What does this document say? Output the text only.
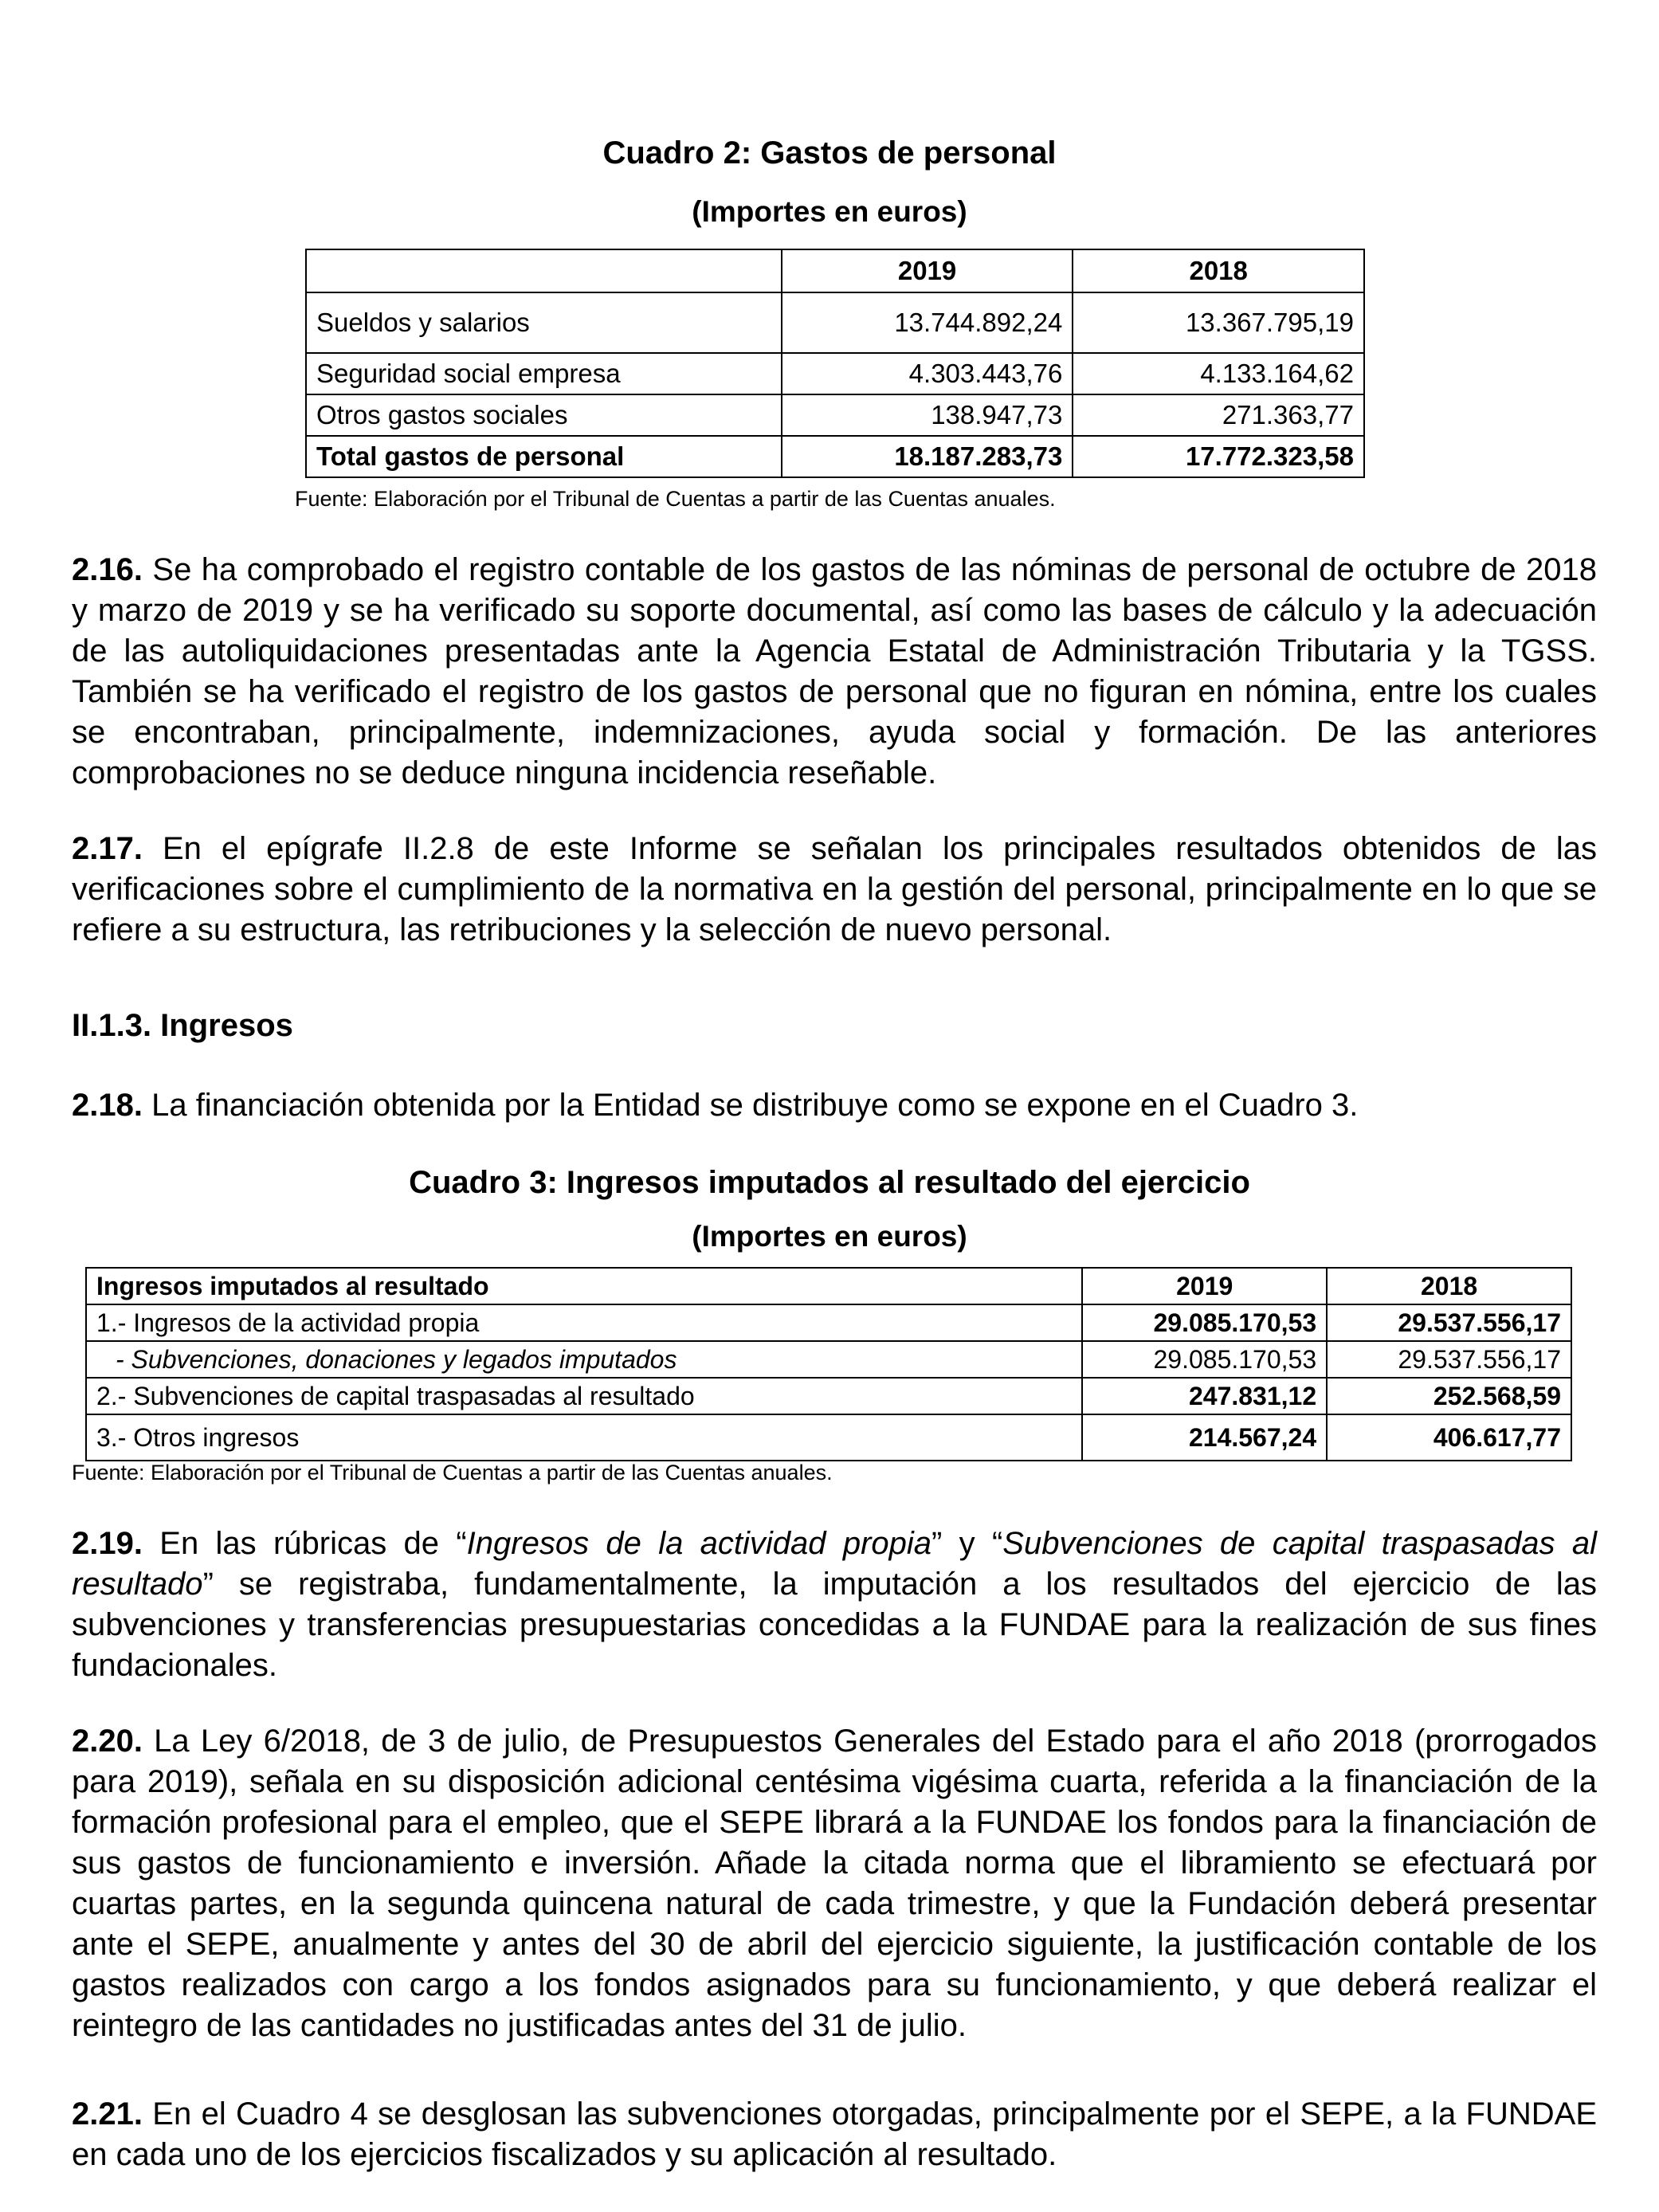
Cuadro 2: Gastos de personal
(Importes en euros)
	2019	2018
Sueldos y salarios	13.744.892,24	13.367.795,19
Seguridad social empresa	4.303.443,76	4.133.164,62
Otros gastos sociales	138.947,73	271.363,77
Total gastos de personal	18.187.283,73	17.772.323,58
Fuente: Elaboración por el Tribunal de Cuentas a partir de las Cuentas anuales.
2.16. Se ha comprobado el registro contable de los gastos de las nóminas de personal de octubre de 2018 y marzo de 2019 y se ha verificado su soporte documental, así como las bases de cálculo y la adecuación de las autoliquidaciones presentadas ante la Agencia Estatal de Administración Tributaria y la TGSS. También se ha verificado el registro de los gastos de personal que no figuran en nómina, entre los cuales se encontraban, principalmente, indemnizaciones, ayuda social y formación. De las anteriores comprobaciones no se deduce ninguna incidencia reseñable.
2.17. En el epígrafe II.2.8 de este Informe se señalan los principales resultados obtenidos de las verificaciones sobre el cumplimiento de la normativa en la gestión del personal, principalmente en lo que se refiere a su estructura, las retribuciones y la selección de nuevo personal.
II.1.3. Ingresos
2.18. La financiación obtenida por la Entidad se distribuye como se expone en el Cuadro 3.
Cuadro 3: Ingresos imputados al resultado del ejercicio
(Importes en euros)
Ingresos imputados al resultado	2019	2018
1.- Ingresos de la actividad propia	29.085.170,53	29.537.556,17
- Subvenciones, donaciones y legados imputados	29.085.170,53	29.537.556,17
2.- Subvenciones de capital traspasadas al resultado	247.831,12	252.568,59
3.- Otros ingresos	214.567,24	406.617,77
Fuente: Elaboración por el Tribunal de Cuentas a partir de las Cuentas anuales.
2.19. En las rúbricas de “Ingresos de la actividad propia” y “Subvenciones de capital traspasadas al resultado” se registraba, fundamentalmente, la imputación a los resultados del ejercicio de las subvenciones y transferencias presupuestarias concedidas a la FUNDAE para la realización de sus fines fundacionales.
2.20. La Ley 6/2018, de 3 de julio, de Presupuestos Generales del Estado para el año 2018 (prorrogados para 2019), señala en su disposición adicional centésima vigésima cuarta, referida a la financiación de la formación profesional para el empleo, que el SEPE librará a la FUNDAE los fondos para la financiación de sus gastos de funcionamiento e inversión. Añade la citada norma que el libramiento se efectuará por cuartas partes, en la segunda quincena natural de cada trimestre, y que la Fundación deberá presentar ante el SEPE, anualmente y antes del 30 de abril del ejercicio siguiente, la justificación contable de los gastos realizados con cargo a los fondos asignados para su funcionamiento, y que deberá realizar el reintegro de las cantidades no justificadas antes del 31 de julio.
2.21. En el Cuadro 4 se desglosan las subvenciones otorgadas, principalmente por el SEPE, a la FUNDAE en cada uno de los ejercicios fiscalizados y su aplicación al resultado.
